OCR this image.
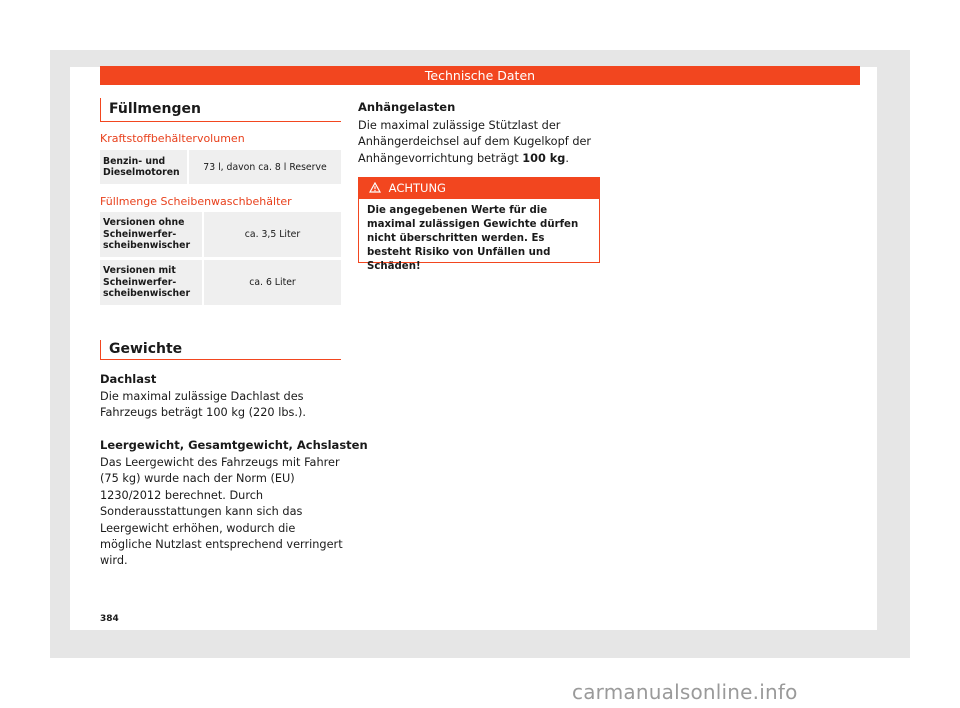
Technische Daten
Füllmengen
Kraftstoffbehältervolumen
Benzin- und Dieselmotoren	73 l, davon ca. 8 l Reserve
Füllmenge Scheibenwaschbehälter
Versionen ohne Scheinwerfer-scheibenwischer	ca. 3,5 Liter

Versionen mit Scheinwerfer-scheibenwischer	ca. 6 Liter
Gewichte
Dachlast

Die maximal zulässige Dachlast des Fahrzeugs beträgt 100 kg (220 lbs.).

Leergewicht, Gesamtgewicht, Achslasten

Das Leergewicht des Fahrzeugs mit Fahrer (75 kg) wurde nach der Norm (EU) 1230/2012 berechnet. Durch Sonderausstattungen kann sich das Leergewicht erhöhen, wodurch die mögliche Nutzlast entsprechend verringert wird.

Anhängelasten

Die maximal zulässige Stützlast der Anhängerdeichsel auf dem Kugelkopf der Anhängevorrichtung beträgt 100 kg.

ACHTUNG
Die angegebenen Werte für die maximal zulässigen Gewichte dürfen nicht überschritten werden. Es besteht Risiko von Unfällen und Schäden!
384
carmanualsonline.info
